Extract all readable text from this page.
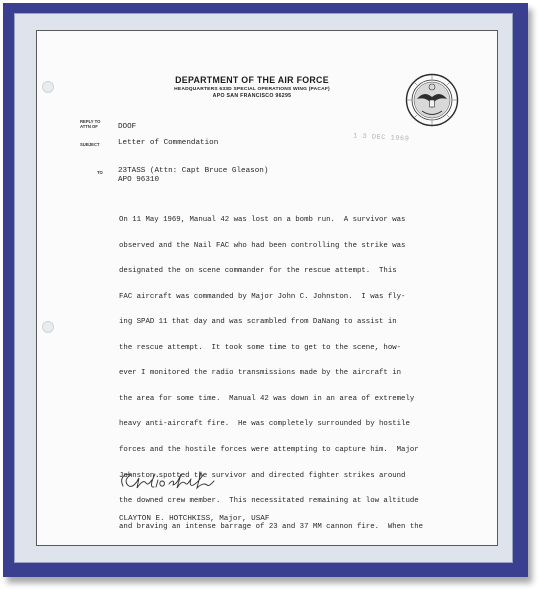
DEPARTMENT OF THE AIR FORCE
HEADQUARTERS 633D SPECIAL OPERATIONS WING (PACAF)
APO SAN FRANCISCO 96295
1 3 DEC 1969
REPLY TO
ATTN OF	DOOF
SUBJECT Letter of Commendation
TO 23TASS (Attn: Capt Bruce Gleason)
APO 96310

On 11 May 1969, Manual 42 was lost on a bomb run.  A survivor was

observed and the Nail FAC who had been controlling the strike was

designated the on scene commander for the rescue attempt.  This

FAC aircraft was commanded by Major John C. Johnston.  I was fly-

ing SPAD 11 that day and was scrambled from DaNang to assist in

the rescue attempt.  It took some time to get to the scene, how-

ever I monitored the radio transmissions made by the aircraft in

the area for some time.  Manual 42 was down in an area of extremely

heavy anti-aircraft fire.  He was completely surrounded by hostile

forces and the hostile forces were attempting to capture him.  Major

Johnston spotted the survivor and directed fighter strikes around

the downed crew member.  This necessitated remaining at low altitude

and braving an intense barrage of 23 and 37 MM cannon fire.  When the

CLAYTON E. HOTCHKISS, Major, USAF
